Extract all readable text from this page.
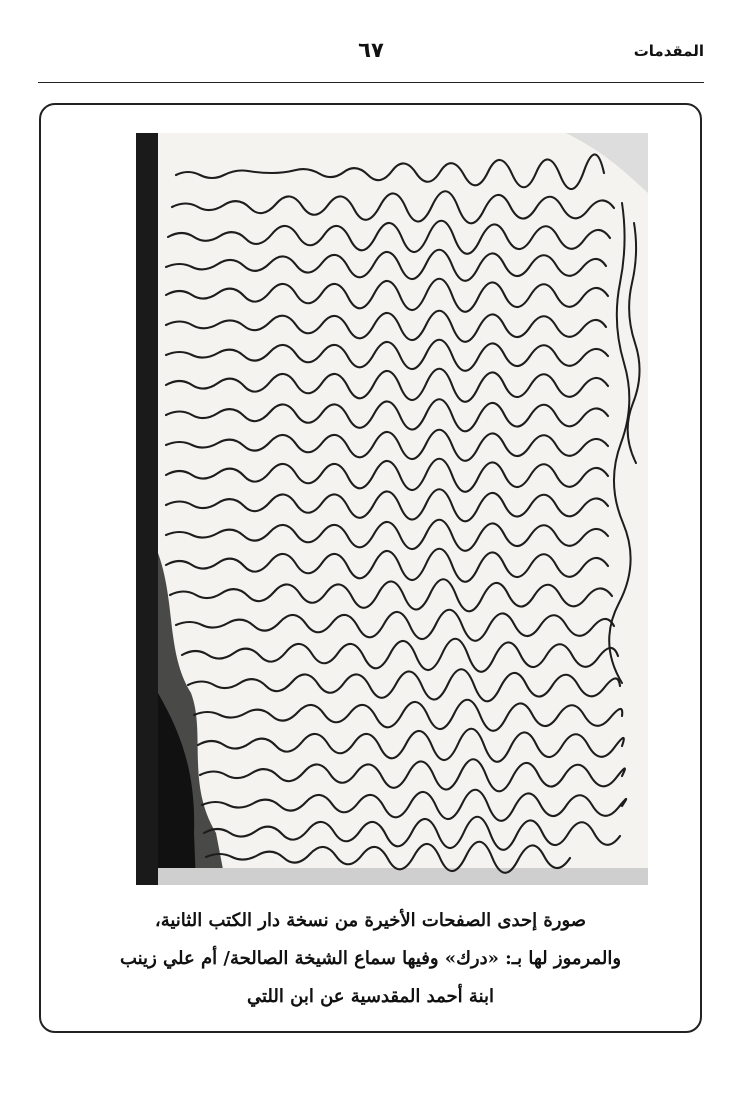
المقدمات
٦٧
صورة إحدى الصفحات الأخيرة من نسخة دار الكتب الثانية،
والمرموز لها بـ: «درك» وفيها سماع الشيخة الصالحة/ أم علي زينب
ابنة أحمد المقدسية عن ابن اللتي
